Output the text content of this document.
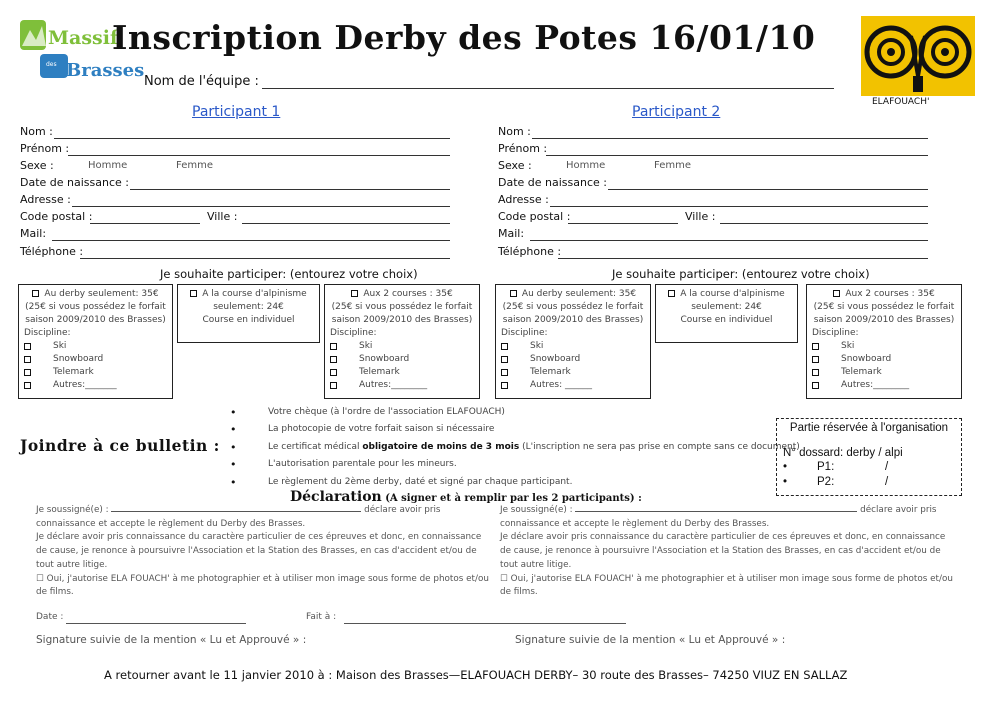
Massif
des Brasses
Inscription Derby des Potes 16/01/10
ELAFOUACH'
Nom de l'équipe :
Participant 1
Nom :
Prénom :
Sexe :	Homme	Femme
Date de naissance :
Adresse :
Code postal :	Ville :
Mail:
Téléphone :
Je souhaite participer: (entourez votre choix)
Au derby seulement: 35€
(25€ si vous possédez le forfait saison 2009/2010 des Brasses)
Discipline:
Ski
Snowboard
Telemark
Autres:_______
A la course d'alpinisme seulement: 24€
Course en individuel
Aux 2 courses : 35€
(25€ si vous possédez le forfait saison 2009/2010 des Brasses)
Discipline:
Ski
Snowboard
Telemark
Autres:________
Participant 2
Nom :
Prénom :
Sexe :	Homme	Femme
Date de naissance :
Adresse :
Code postal :	Ville :
Mail:
Téléphone :
Je souhaite participer: (entourez votre choix)
Au derby seulement: 35€
(25€ si vous possédez le forfait saison 2009/2010 des Brasses)
Discipline:
Ski
Snowboard
Telemark
Autres: ______
A la course d'alpinisme seulement: 24€
Course en individuel
Aux 2 courses : 35€
(25€ si vous possédez le forfait saison 2009/2010 des Brasses)
Discipline:
Ski
Snowboard
Telemark
Autres:________
Joindre à ce bulletin :
• Votre chèque (à l'ordre de l'association ELAFOUACH)
• La photocopie de votre forfait saison si nécessaire
• Le certificat médical obligatoire de moins de 3 mois (L'inscription ne sera pas prise en compte sans ce document)
• L'autorisation parentale pour les mineurs.
• Le règlement du 2ème derby, daté et signé par chaque participant.
Partie réservée à l'organisation
N° dossard: derby / alpi
•	P1:	/
•	P2:	/
Déclaration (A signer et à remplir par les 2 participants) :
Je soussigné(e) :	déclare avoir pris
connaissance et accepte le règlement du Derby des Brasses.
Je déclare avoir pris connaissance du caractère particulier de ces épreuves et donc, en connaissance de cause, je renonce à poursuivre l'Association et la Station des Brasses, en cas d'accident et/ou de tout autre litige.
☐ Oui, j'autorise ELA FOUACH' à me photographier et à utiliser mon image sous forme de photos et/ou de films.
Je soussigné(e) :	déclare avoir pris
connaissance et accepte le règlement du Derby des Brasses.
Je déclare avoir pris connaissance du caractère particulier de ces épreuves et donc, en connaissance de cause, je renonce à poursuivre l'Association et la Station des Brasses, en cas d'accident et/ou de tout autre litige.
☐ Oui, j'autorise ELA FOUACH' à me photographier et à utiliser mon image sous forme de photos et/ou de films.
Date :	Fait à :
Signature suivie de la mention « Lu et Approuvé » :	Signature suivie de la mention « Lu et Approuvé » :
A retourner avant le 11 janvier 2010 à : Maison des Brasses—ELAFOUACH DERBY– 30 route des Brasses– 74250 VIUZ EN SALLAZ
